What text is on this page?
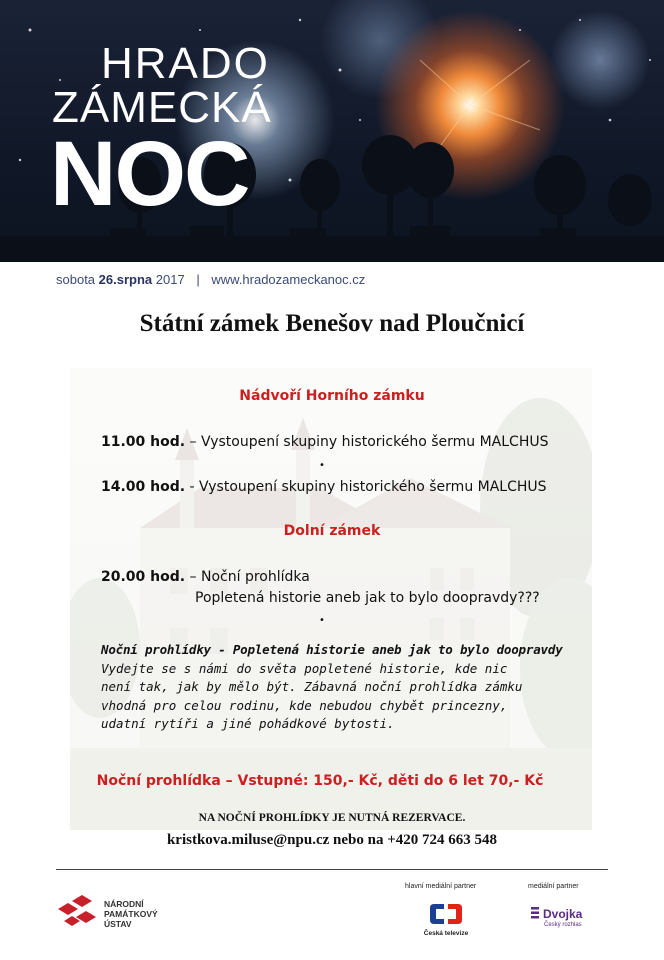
HRADO
ZÁMECKÁ
NOC
sobota 26.srpna 2017 | www.hradozameckanoc.cz
Státní zámek Benešov nad Ploučnicí
Nádvoří Horního zámku
11.00 hod. – Vystoupení skupiny historického šermu MALCHUS
•
14.00 hod. - Vystoupení skupiny historického šermu MALCHUS
Dolní zámek
20.00 hod. – Noční prohlídka
Popletená historie aneb jak to bylo doopravdy???
•
Noční prohlídky - Popletená historie aneb jak to bylo doopravdy
Vydejte se s námi do světa popletené historie, kde nic
není tak, jak by mělo být. Zábavná noční prohlídka zámku
vhodná pro celou rodinu, kde nebudou chybět princezny,
udatní rytíři a jiné pohádkové bytosti.
Noční prohlídka – Vstupné: 150,- Kč, děti do 6 let 70,- Kč
NA NOČNÍ PROHLÍDKY JE NUTNÁ REZERVACE.
kristkova.miluse@npu.cz nebo na +420 724 663 548
NÁRODNÍ
PAMÁTKOVÝ
ÚSTAV
hlavní mediální partner	mediální partner
Česká televize
Dvojka
Český rozhlas
